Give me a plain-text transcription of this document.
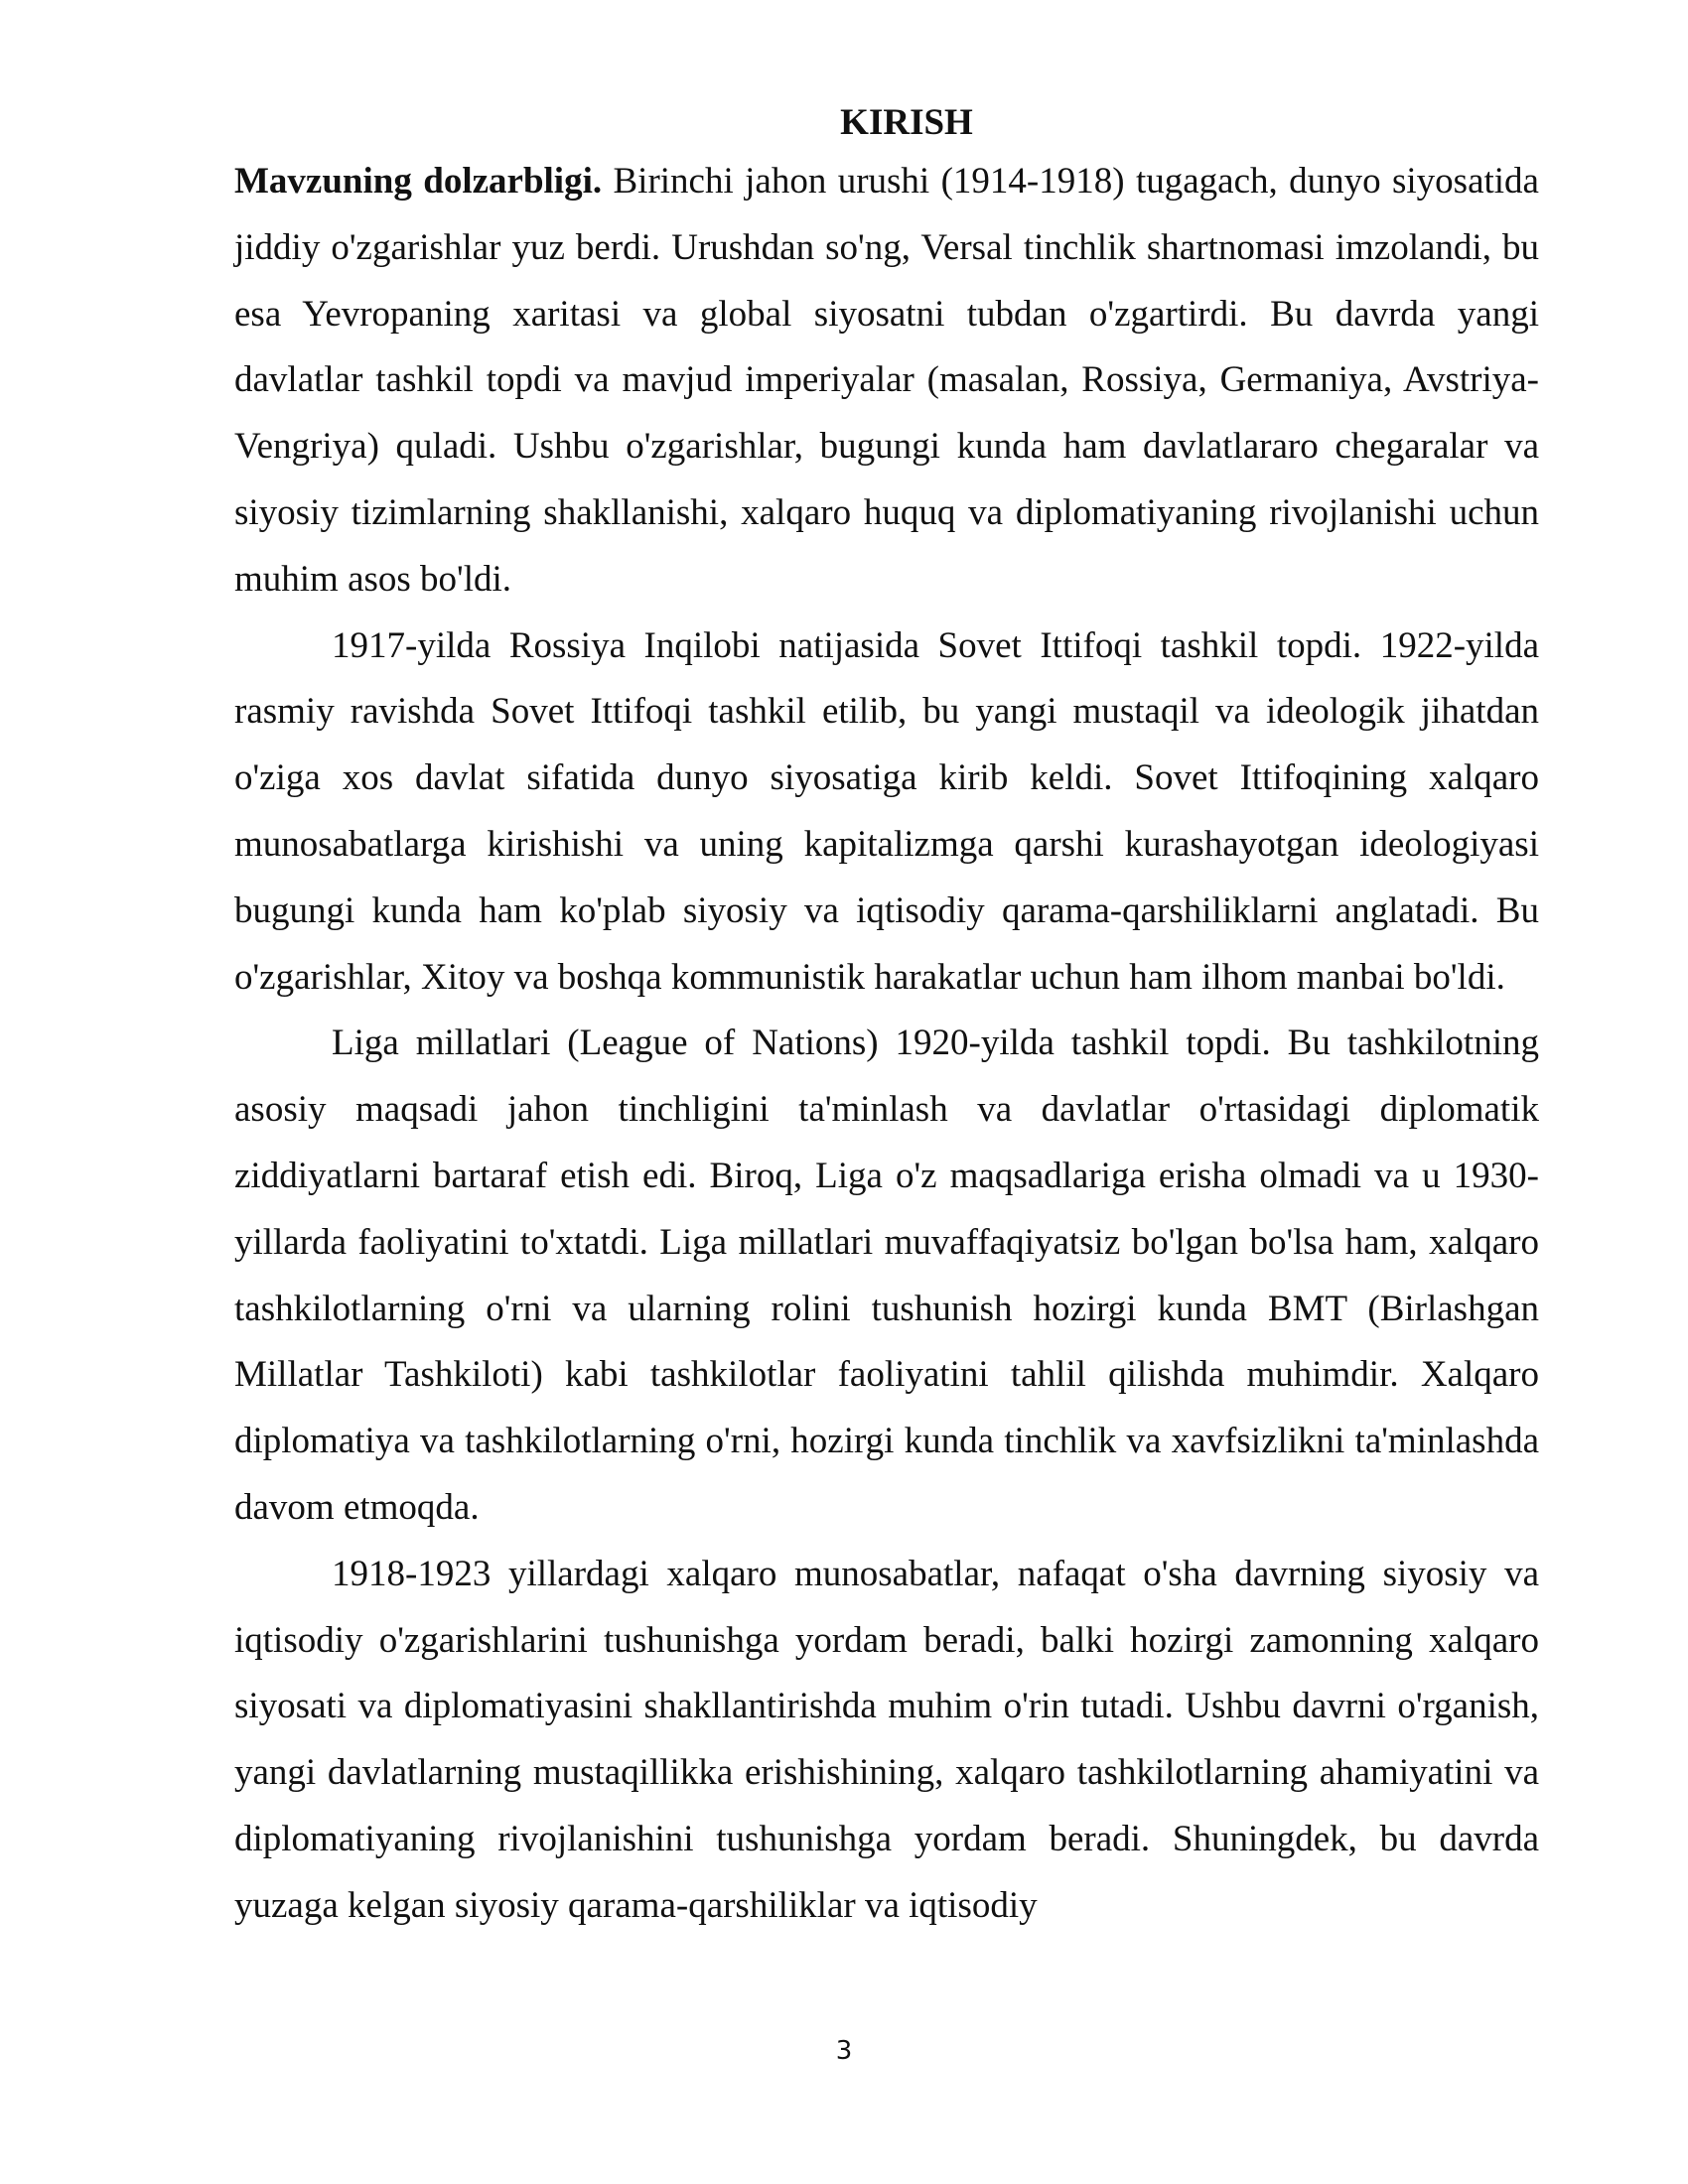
KIRISH

Mavzuning dolzarbligi. Birinchi jahon urushi (1914-1918) tugagach, dunyo siyosatida jiddiy o'zgarishlar yuz berdi. Urushdan so'ng, Versal tinchlik shartnomasi imzolandi, bu esa Yevropaning xaritasi va global siyosatni tubdan o'zgartirdi. Bu davrda yangi davlatlar tashkil topdi va mavjud imperiyalar (masalan, Rossiya, Germaniya, Avstriya-Vengriya) quladi. Ushbu o'zgarishlar, bugungi kunda ham davlatlararo chegaralar va siyosiy tizimlarning shakllanishi, xalqaro huquq va diplomatiyaning rivojlanishi uchun muhim asos bo'ldi.

1917-yilda Rossiya Inqilobi natijasida Sovet Ittifoqi tashkil topdi. 1922-yilda rasmiy ravishda Sovet Ittifoqi tashkil etilib, bu yangi mustaqil va ideologik jihatdan o'ziga xos davlat sifatida dunyo siyosatiga kirib keldi. Sovet Ittifoqining xalqaro munosabatlarga kirishishi va uning kapitalizmga qarshi kurashayotgan ideologiyasi bugungi kunda ham ko'plab siyosiy va iqtisodiy qarama-qarshiliklarni anglatadi. Bu o'zgarishlar, Xitoy va boshqa kommunistik harakatlar uchun ham ilhom manbai bo'ldi.

Liga millatlari (League of Nations) 1920-yilda tashkil topdi. Bu tashkilotning asosiy maqsadi jahon tinchligini ta'minlash va davlatlar o'rtasidagi diplomatik ziddiyatlarni bartaraf etish edi. Biroq, Liga o'z maqsadlariga erisha olmadi va u 1930-yillarda faoliyatini to'xtatdi. Liga millatlari muvaffaqiyatsiz bo'lgan bo'lsa ham, xalqaro tashkilotlarning o'rni va ularning rolini tushunish hozirgi kunda BMT (Birlashgan Millatlar Tashkiloti) kabi tashkilotlar faoliyatini tahlil qilishda muhimdir. Xalqaro diplomatiya va tashkilotlarning o'rni, hozirgi kunda tinchlik va xavfsizlikni ta'minlashda davom etmoqda.

1918-1923 yillardagi xalqaro munosabatlar, nafaqat o'sha davrning siyosiy va iqtisodiy o'zgarishlarini tushunishga yordam beradi, balki hozirgi zamonning xalqaro siyosati va diplomatiyasini shakllantirishda muhim o'rin tutadi. Ushbu davrni o'rganish, yangi davlatlarning mustaqillikka erishishining, xalqaro tashkilotlarning ahamiyatini va diplomatiyaning rivojlanishini tushunishga yordam beradi. Shuningdek, bu davrda yuzaga kelgan siyosiy qarama-qarshiliklar va iqtisodiy

3
